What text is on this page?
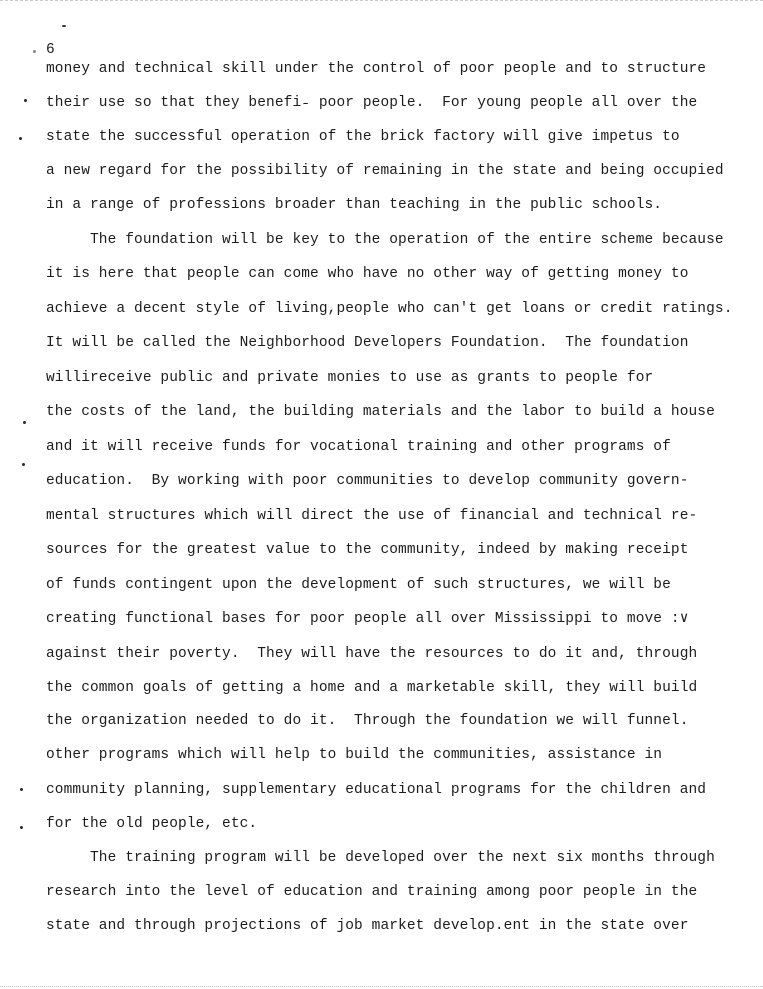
6
money and technical skill under the control of poor people and to structure
their use so that they benefi˗ poor people.  For young people all over the
state the successful operation of the brick factory will give impetus to
a new regard for the possibility of remaining in the state and being occupied
in a range of professions broader than teaching in the public schools.
The foundation will be key to the operation of the entire scheme because
it is here that people can come who have no other way of getting money to
achieve a decent style of living,people who can't get loans or credit ratings.
It will be called the Neighborhood Developers Foundation.  The foundation
willireceive public and private monies to use as grants to people for
the costs of the land, the building materials and the labor to build a house
and it will receive funds for vocational training and other programs of
education.  By working with poor communities to develop community govern-
mental structures which will direct the use of financial and technical re-
sources for the greatest value to the community, indeed by making receipt
of funds contingent upon the development of such structures, we will be
creating functional bases for poor people all over Mississippi to move :∨
against their poverty.  They will have the resources to do it and, through
the common goals of getting a home and a marketable skill, they will build
the organization needed to do it.  Through the foundation we will funnel.
other programs which will help to build the communities, assistance in
community planning, supplementary educational programs for the children and
for the old people, etc.
The training program will be developed over the next six months through
research into the level of education and training among poor people in the
state and through projections of job market develop.ent in the state over
